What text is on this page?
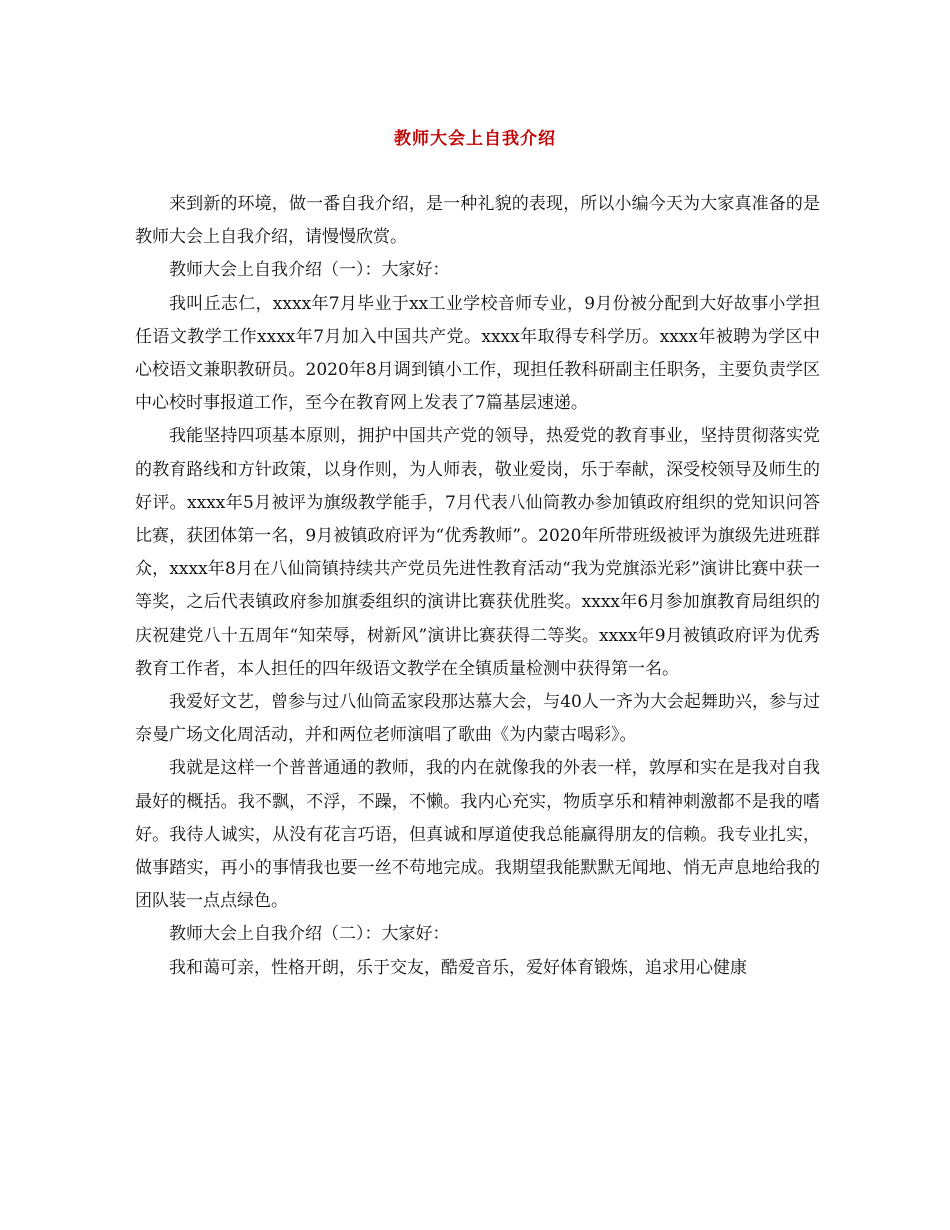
教师大会上自我介绍

来到新的环境，做一番自我介绍，是一种礼貌的表现，所以小编今天为大家真准备的是教师大会上自我介绍，请慢慢欣赏。

教师大会上自我介绍（一）：大家好：

我叫丘志仁，xxxx年7月毕业于xx工业学校音师专业，9月份被分配到大好故事小学担任语文教学工作xxxx年7月加入中国共产党。xxxx年取得专科学历。xxxx年被聘为学区中心校语文兼职教研员。2020年8月调到镇小工作，现担任教科研副主任职务，主要负责学区中心校时事报道工作，至今在教育网上发表了7篇基层速递。

我能坚持四项基本原则，拥护中国共产党的领导，热爱党的教育事业，坚持贯彻落实党的教育路线和方针政策，以身作则，为人师表，敬业爱岗，乐于奉献，深受校领导及师生的好评。xxxx年5月被评为旗级教学能手，7月代表八仙筒教办参加镇政府组织的党知识问答比赛，获团体第一名，9月被镇政府评为“优秀教师”。2020年所带班级被评为旗级先进班群众，xxxx年8月在八仙筒镇持续共产党员先进性教育活动“我为党旗添光彩”演讲比赛中获一等奖，之后代表镇政府参加旗委组织的演讲比赛获优胜奖。xxxx年6月参加旗教育局组织的庆祝建党八十五周年“知荣辱，树新风”演讲比赛获得二等奖。xxxx年9月被镇政府评为优秀教育工作者，本人担任的四年级语文教学在全镇质量检测中获得第一名。

我爱好文艺，曾参与过八仙筒孟家段那达慕大会，与40人一齐为大会起舞助兴，参与过奈曼广场文化周活动，并和两位老师演唱了歌曲《为内蒙古喝彩》。

我就是这样一个普普通通的教师，我的内在就像我的外表一样，敦厚和实在是我对自我最好的概括。我不飘，不浮，不躁，不懒。我内心充实，物质享乐和精神刺激都不是我的嗜好。我待人诚实，从没有花言巧语，但真诚和厚道使我总能赢得朋友的信赖。我专业扎实，做事踏实，再小的事情我也要一丝不苟地完成。我期望我能默默无闻地、悄无声息地给我的团队装一点点绿色。

教师大会上自我介绍（二）：大家好：

我和蔼可亲，性格开朗，乐于交友，酷爱音乐，爱好体育锻炼，追求用心健康
